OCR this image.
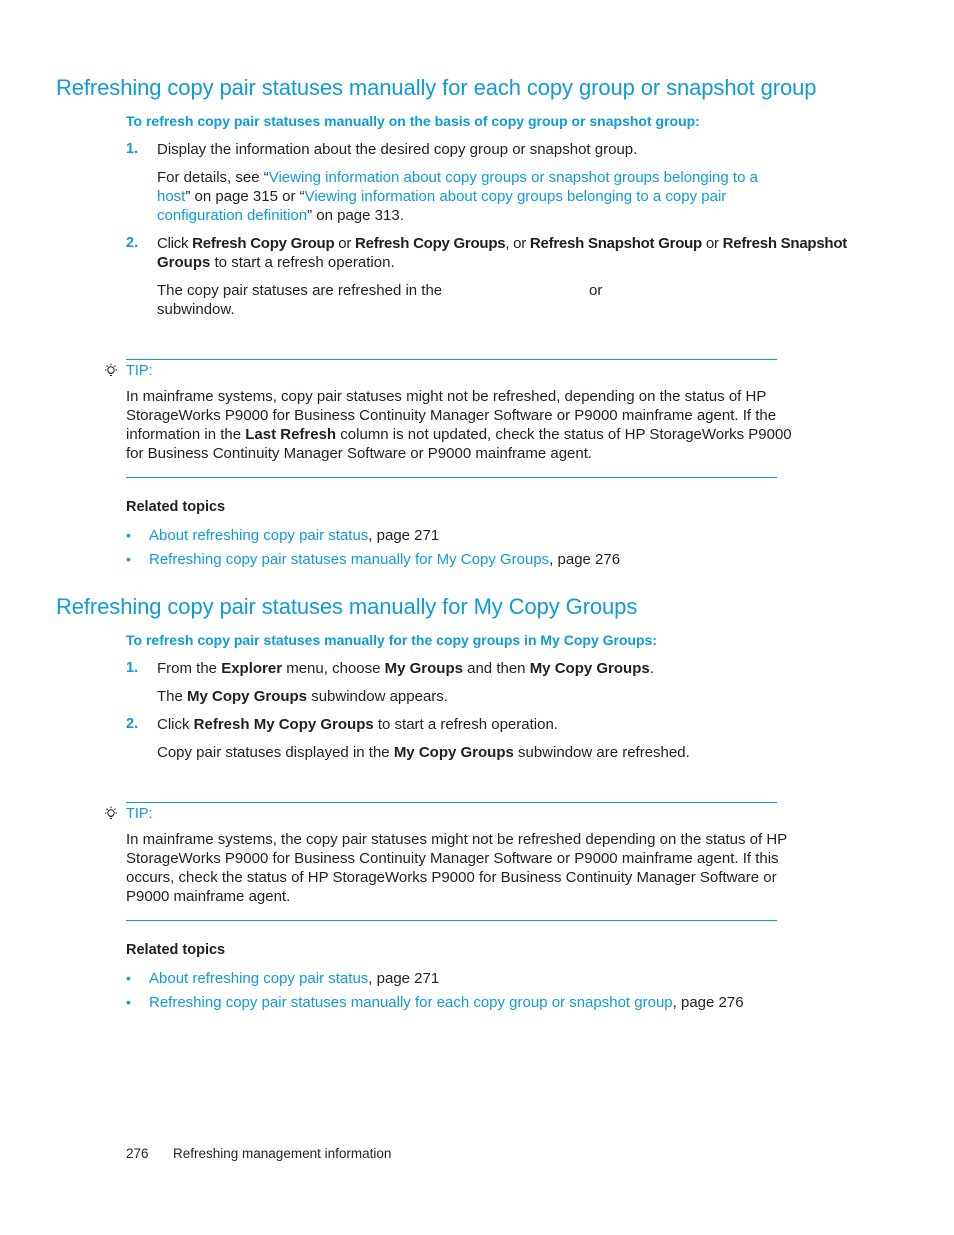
Refreshing copy pair statuses manually for each copy group or snapshot group
To refresh copy pair statuses manually on the basis of copy group or snapshot group:
1. Display the information about the desired copy group or snapshot group.
For details, see “Viewing information about copy groups or snapshot groups belonging to a
host” on page 315 or “Viewing information about copy groups belonging to a copy pair
configuration definition” on page 313.
2. Click Refresh Copy Group or Refresh Copy Groups, or Refresh Snapshot Group or Refresh Snapshot
Groups to start a refresh operation.
The copy pair statuses are refreshed in the	or
subwindow.
TIP:
In mainframe systems, copy pair statuses might not be refreshed, depending on the status of HP
StorageWorks P9000 for Business Continuity Manager Software or P9000 mainframe agent. If the
information in the Last Refresh column is not updated, check the status of HP StorageWorks P9000
for Business Continuity Manager Software or P9000 mainframe agent.
Related topics
• About refreshing copy pair status, page 271
• Refreshing copy pair statuses manually for My Copy Groups, page 276
Refreshing copy pair statuses manually for My Copy Groups
To refresh copy pair statuses manually for the copy groups in My Copy Groups:
1. From the Explorer menu, choose My Groups and then My Copy Groups.
The My Copy Groups subwindow appears.
2. Click Refresh My Copy Groups to start a refresh operation.
Copy pair statuses displayed in the My Copy Groups subwindow are refreshed.
TIP:
In mainframe systems, the copy pair statuses might not be refreshed depending on the status of HP
StorageWorks P9000 for Business Continuity Manager Software or P9000 mainframe agent. If this
occurs, check the status of HP StorageWorks P9000 for Business Continuity Manager Software or
P9000 mainframe agent.
Related topics
• About refreshing copy pair status, page 271
• Refreshing copy pair statuses manually for each copy group or snapshot group, page 276
276 Refreshing management information
